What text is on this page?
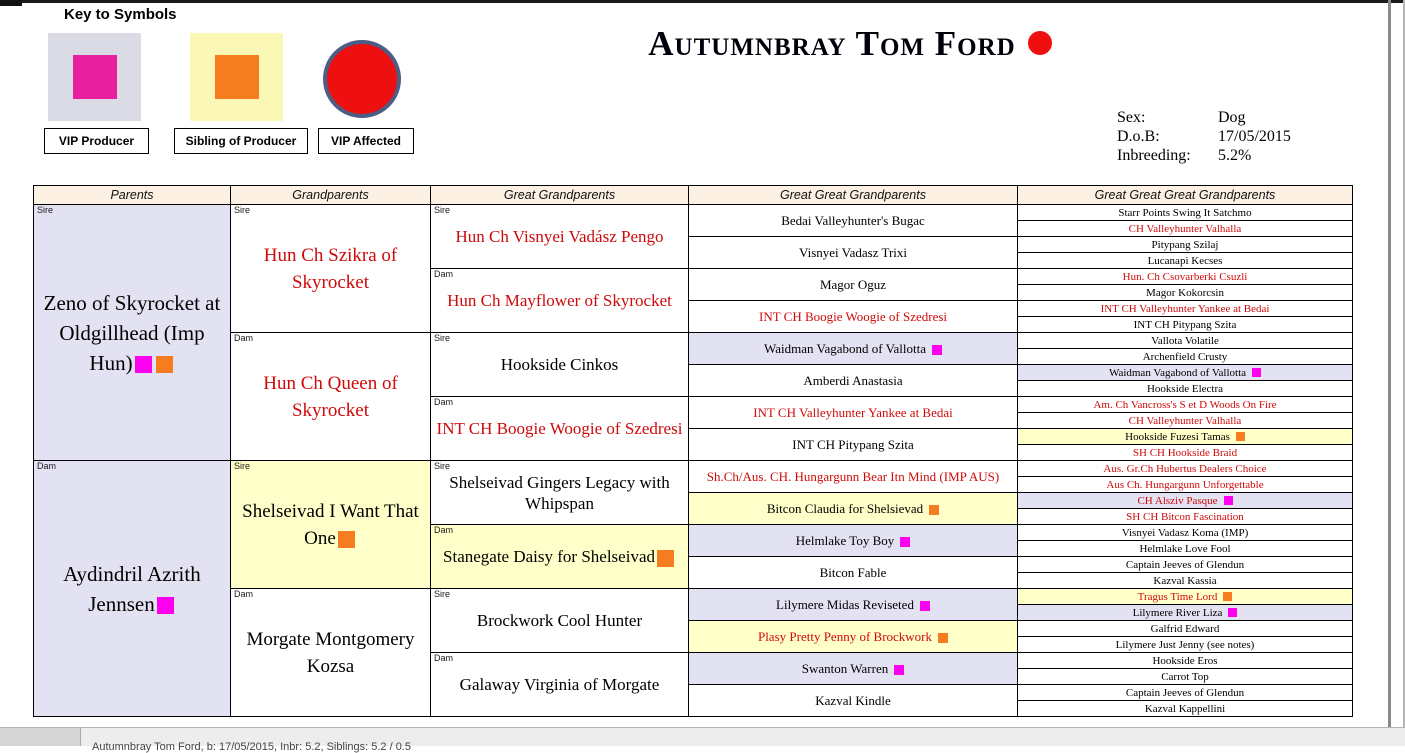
Key to Symbols
VIP Producer	Sibling of Producer	VIP Affected
Autumnbray Tom Ford
Sex:	Dog
D.o.B:	17/05/2015
Inbreeding:	5.2%
Parents	Grandparents	Great Grandparents	Great Great Grandparents	Great Great Great Grandparents
Sire
Zeno of Skyrocket at Oldgillhead (Imp Hun)
Dam
Aydindril Azrith Jennsen
Sire
Hun Ch Szikra of Skyrocket
Dam
Hun Ch Queen of Skyrocket
Sire
Shelseivad I Want That One
Dam
Morgate Montgomery Kozsa
Sire
Hun Ch Visnyei Vadász Pengo
Dam
Hun Ch Mayflower of Skyrocket
Sire
Hookside Cinkos
Dam
INT CH Boogie Woogie of Szedresi
Sire
Shelseivad Gingers Legacy with Whipspan
Dam
Stanegate Daisy for Shelseivad
Sire
Brockwork Cool Hunter
Dam
Galaway Virginia of Morgate
Bedai Valleyhunter's Bugac
Visnyei Vadasz Trixi
Magor Oguz
INT CH Boogie Woogie of Szedresi
Waidman Vagabond of Vallotta
Amberdi Anastasia
INT CH Valleyhunter Yankee at Bedai
INT CH Pitypang Szita
Sh.Ch/Aus. CH. Hungargunn Bear Itn Mind (IMP AUS)
Bitcon Claudia for Shelsievad
Helmlake Toy Boy
Bitcon Fable
Lilymere Midas Reviseted
Plasy Pretty Penny of Brockwork
Swanton Warren
Kazval Kindle
Starr Points Swing It Satchmo
CH Valleyhunter Valhalla
Pitypang Szilaj
Lucanapi Kecses
Hun. Ch Csovarberki Csuzli
Magor Kokorcsin
INT CH Valleyhunter Yankee at Bedai
INT CH Pitypang Szita
Vallota Volatile
Archenfield Crusty
Waidman Vagabond of Vallotta
Hookside Electra
Am. Ch Vancross's S et D Woods On Fire
CH Valleyhunter Valhalla
Hookside Fuzesi Tamas
SH CH Hookside Braid
Aus. Gr.Ch Hubertus Dealers Choice
Aus Ch. Hungargunn Unforgettable
CH Alsziv Pasque
SH CH Bitcon Fascination
Visnyei Vadasz Koma (IMP)
Helmlake Love Fool
Captain Jeeves of Glendun
Kazval Kassia
Tragus Time Lord
Lilymere River Liza
Galfrid Edward
Lilymere Just Jenny (see notes)
Hookside Eros
Carrot Top
Captain Jeeves of Glendun
Kazval Kappellini
Autumnbray Tom Ford, b: 17/05/2015, Inbr: 5.2, Siblings: 5.2 / 0.5
